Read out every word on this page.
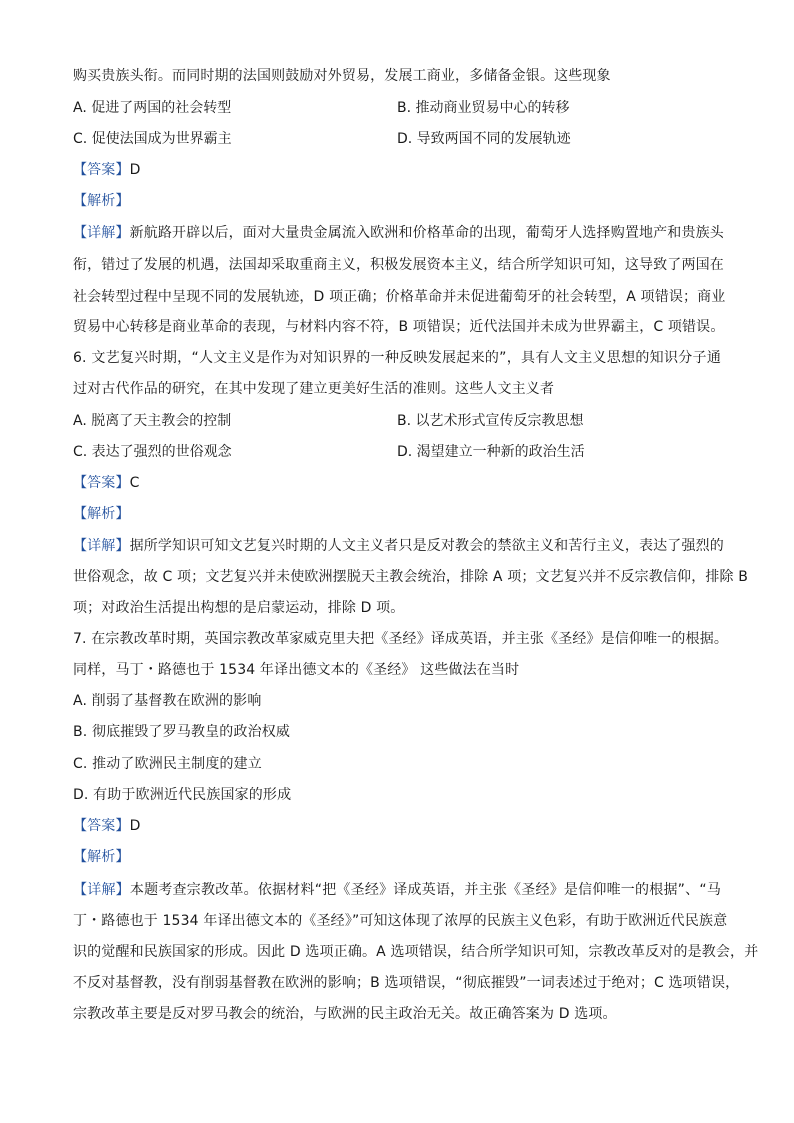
购买贵族头衔。而同时期的法国则鼓励对外贸易，发展工商业，多储备金银。这些现象
A. 促进了两国的社会转型	B. 推动商业贸易中心的转移
C. 促使法国成为世界霸主	D. 导致两国不同的发展轨迹
【答案】D
【解析】
【详解】新航路开辟以后，面对大量贵金属流入欧洲和价格革命的出现，葡萄牙人选择购置地产和贵族头
衔，错过了发展的机遇，法国却采取重商主义，积极发展资本主义，结合所学知识可知，这导致了两国在
社会转型过程中呈现不同的发展轨迹，D 项正确；价格革命并未促进葡萄牙的社会转型，A 项错误；商业
贸易中心转移是商业革命的表现，与材料内容不符，B 项错误；近代法国并未成为世界霸主，C 项错误。
6. 文艺复兴时期，“人文主义是作为对知识界的一种反映发展起来的”，具有人文主义思想的知识分子通
过对古代作品的研究，在其中发现了建立更美好生活的准则。这些人文主义者
A. 脱离了天主教会的控制	B. 以艺术形式宣传反宗教思想
C. 表达了强烈的世俗观念	D. 渴望建立一种新的政治生活
【答案】C
【解析】
【详解】据所学知识可知文艺复兴时期的人文主义者只是反对教会的禁欲主义和苦行主义，表达了强烈的
世俗观念，故 C 项；文艺复兴并未使欧洲摆脱天主教会统治，排除 A 项；文艺复兴并不反宗教信仰，排除 B
项；对政治生活提出构想的是启蒙运动，排除 D 项。
7. 在宗教改革时期，英国宗教改革家威克里夫把《圣经》译成英语，并主张《圣经》是信仰唯一的根据。
同样，马丁・路德也于 1534 年译出德文本的《圣经》 这些做法在当时
A. 削弱了基督教在欧洲的影响
B. 彻底摧毁了罗马教皇的政治权威
C. 推动了欧洲民主制度的建立
D. 有助于欧洲近代民族国家的形成
【答案】D
【解析】
【详解】本题考查宗教改革。依据材料“把《圣经》译成英语，并主张《圣经》是信仰唯一的根据”、“马
丁・路德也于 1534 年译出德文本的《圣经》”可知这体现了浓厚的民族主义色彩，有助于欧洲近代民族意
识的觉醒和民族国家的形成。因此 D 选项正确。A 选项错误，结合所学知识可知，宗教改革反对的是教会，并
不反对基督教，没有削弱基督教在欧洲的影响；B 选项错误，“彻底摧毁”一词表述过于绝对；C 选项错误，
宗教改革主要是反对罗马教会的统治，与欧洲的民主政治无关。故正确答案为 D 选项。
